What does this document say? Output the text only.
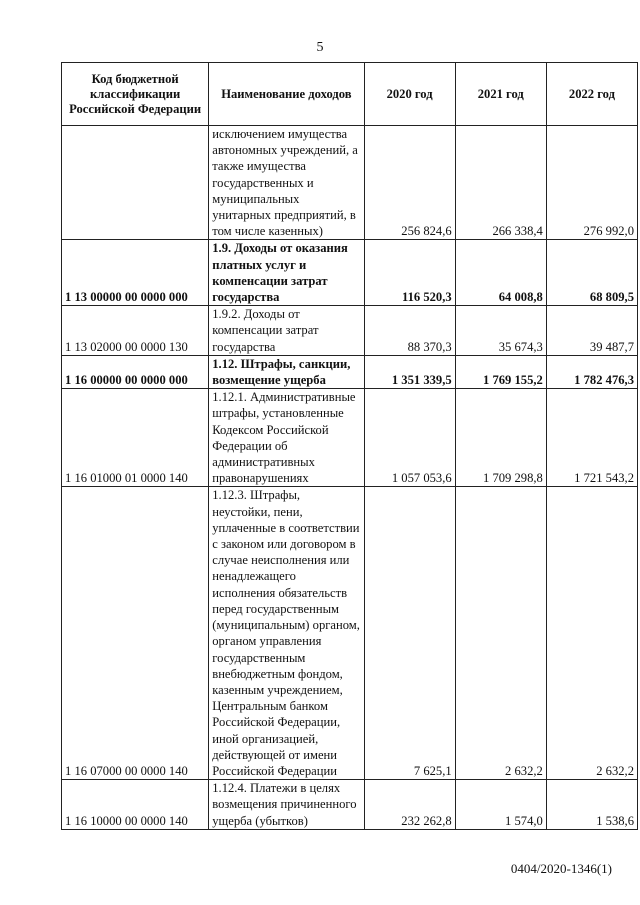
5
Код бюджетной классификации Российской Федерации	Наименование доходов	2020 год	2021 год	2022 год
	исключением имущества автономных учреждений, а также имущества государственных и муниципальных унитарных предприятий, в том числе казенных)	256 824,6	266 338,4	276 992,0
1 13 00000 00 0000 000	1.9. Доходы от оказания платных услуг и компенсации затрат государства	116 520,3	64 008,8	68 809,5
1 13 02000 00 0000 130	1.9.2. Доходы от компенсации затрат государства	88 370,3	35 674,3	39 487,7
1 16 00000 00 0000 000	1.12. Штрафы, санкции, возмещение ущерба	1 351 339,5	1 769 155,2	1 782 476,3
1 16 01000 01 0000 140	1.12.1. Административные штрафы, установленные Кодексом Российской Федерации об административных правонарушениях	1 057 053,6	1 709 298,8	1 721 543,2
1 16 07000 00 0000 140	1.12.3. Штрафы, неустойки, пени, уплаченные в соответствии с законом или договором в случае неисполнения или ненадлежащего исполнения обязательств перед государственным (муниципальным) органом, органом управления государственным внебюджетным фондом, казенным учреждением, Центральным банком Российской Федерации, иной организацией, действующей от имени Российской Федерации	7 625,1	2 632,2	2 632,2
1 16 10000 00 0000 140	1.12.4. Платежи в целях возмещения причиненного ущерба (убытков)	232 262,8	1 574,0	1 538,6
0404/2020-1346(1)
